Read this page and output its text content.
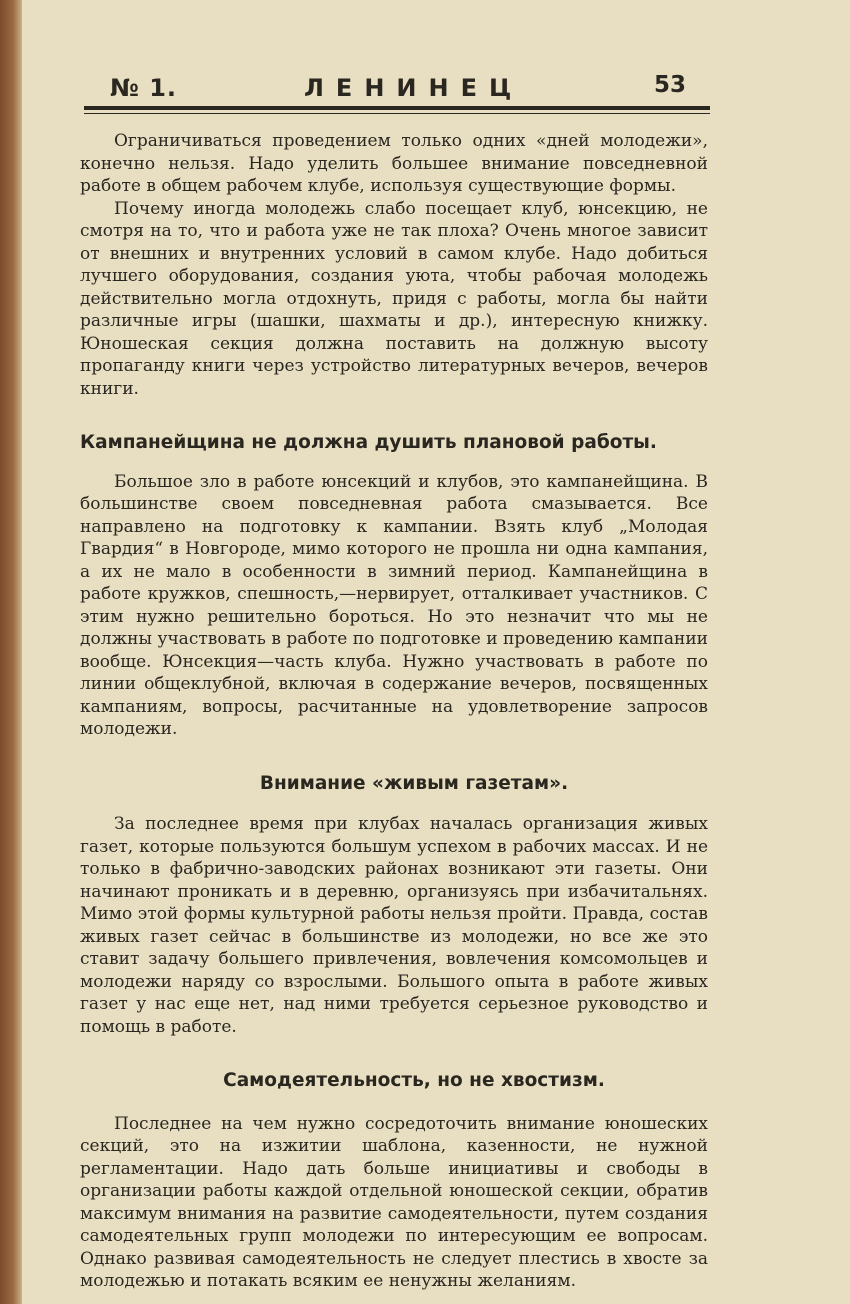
№ 1.	ЛЕНИНЕЦ	53

Ограничиваться проведением только одних «дней молодежи», конечно нельзя. Надо уделить большее внимание повседневной работе в общем рабочем клубе, используя существующие формы.

Почему иногда молодежь слабо посещает клуб, юнсекцию, не смотря на то, что и работа уже не так плоха? Очень многое зависит от внешних и внутренних условий в самом клубе. Надо добиться лучшего оборудования, создания уюта, чтобы рабочая молодежь действительно могла отдохнуть, придя с работы, могла бы найти различные игры (шашки, шахматы и др.), интересную книжку. Юношеская секция должна поставить на должную высоту пропаганду книги через устройство литературных вечеров, вечеров книги.

Кампанейщина не должна душить плановой работы.

Большое зло в работе юнсекций и клубов, это кампанейщина. В большинстве своем повседневная работа смазывается. Все направлено на подготовку к кампании. Взять клуб „Молодая Гвардия“ в Новгороде, мимо которого не прошла ни одна кампания, а их не мало в особенности в зимний период. Кампанейщина в работе кружков, спешность,—нервирует, отталкивает участников. С этим нужно решительно бороться. Но это незначит что мы не должны участвовать в работе по подготовке и проведению кампании вообще. Юнсекция—часть клуба. Нужно участвовать в работе по линии общеклубной, включая в содержание вечеров, посвященных кампаниям, вопросы, расчитанные на удовлетворение запросов молодежи.

Внимание «живым газетам».

За последнее время при клубах началась организация живых газет, которые пользуются большум успехом в рабочих массах. И не только в фабрично-заводских районах возникают эти газеты. Они начинают проникать и в деревню, организуясь при избачитальнях. Мимо этой формы культурной работы нельзя пройти. Правда, состав живых газет сейчас в большинстве из молодежи, но все же это ставит задачу большего привлечения, вовлечения комсомольцев и молодежи наряду со взрослыми. Большого опыта в работе живых газет у нас еще нет, над ними требуется серьезное руководство и помощь в работе.

Самодеятельность, но не хвостизм.

Последнее на чем нужно сосредоточить внимание юношеских секций, это на изжитии шаблона, казенности, не нужной регламентации. Надо дать больше инициативы и свободы в организации работы каждой отдельной юношеской секции, обратив максимум внимания на развитие самодеятельности, путем создания самодеятельных групп молодежи по интересующим ее вопросам. Однако развивая самодеятельность не следует плестись в хвосте за молодежью и потакать всяким ее ненужны желаниям.
